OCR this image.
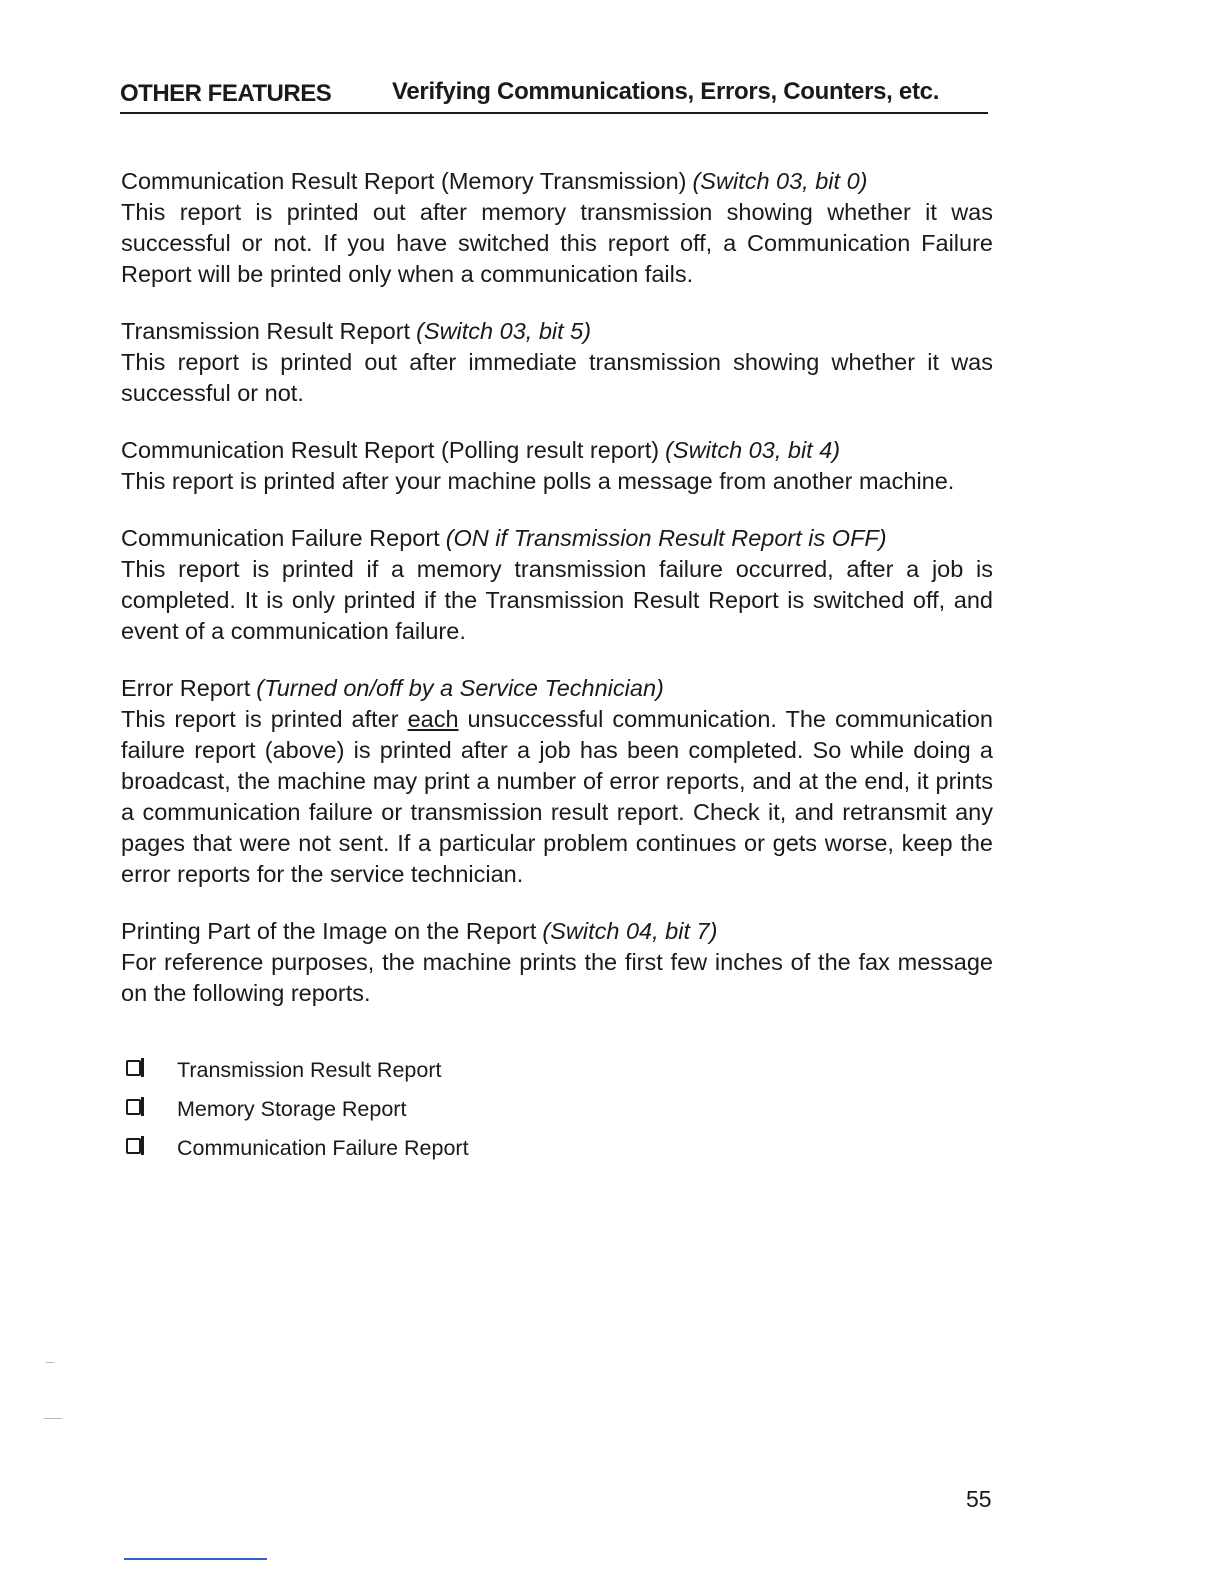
OTHER FEATURES	Verifying Communications, Errors, Counters, etc.
Communication Result Report (Memory Transmission) (Switch 03, bit 0)
This report is printed out after memory transmission showing whether it was successful or not. If you have switched this report off, a Communication Failure Report will be printed only when a communication fails.
Transmission Result Report (Switch 03, bit 5)
This report is printed out after immediate transmission showing whether it was successful or not.
Communication Result Report (Polling result report) (Switch 03, bit 4)
This report is printed after your machine polls a message from another machine.
Communication Failure Report (ON if Transmission Result Report is OFF)
This report is printed if a memory transmission failure occurred, after a job is completed. It is only printed if the Transmission Result Report is switched off, and event of a communication failure.
Error Report (Turned on/off by a Service Technician)
This report is printed after each unsuccessful communication. The communication failure report (above) is printed after a job has been completed. So while doing a broadcast, the machine may print a number of error reports, and at the end, it prints a communication failure or transmission result report. Check it, and retransmit any pages that were not sent. If a particular problem continues or gets worse, keep the error reports for the service technician.
Printing Part of the Image on the Report (Switch 04, bit 7)
For reference purposes, the machine prints the first few inches of the fax message on the following reports.
Transmission Result Report
Memory Storage Report
Communication Failure Report
55
